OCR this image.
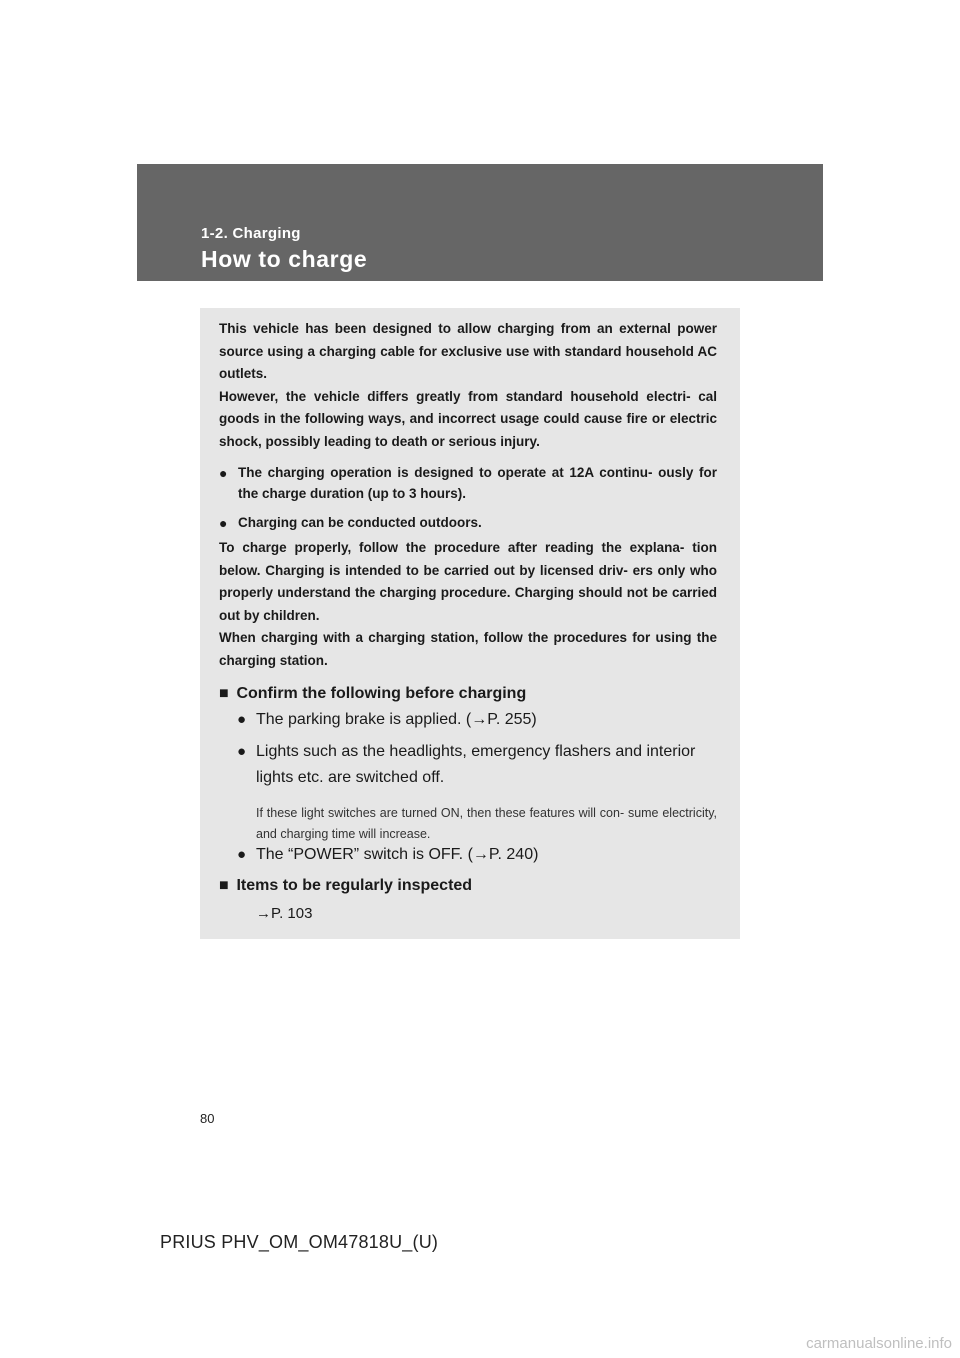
1-2. Charging
How to charge

This vehicle has been designed to allow charging from an external power source using a charging cable for exclusive use with standard household AC outlets.

However, the vehicle differs greatly from standard household electri- cal goods in the following ways, and incorrect usage could cause fire or electric shock, possibly leading to death or serious injury.

● The charging operation is designed to operate at 12A continu- ously for the charge duration (up to 3 hours).
● Charging can be conducted outdoors.

To charge properly, follow the procedure after reading the explana- tion below. Charging is intended to be carried out by licensed driv- ers only who properly understand the charging procedure. Charging should not be carried out by children.

When charging with a charging station, follow the procedures for using the charging station.

■ Confirm the following before charging
● The parking brake is applied. (→P. 255)
● Lights such as the headlights, emergency flashers and interior lights etc. are switched off.
If these light switches are turned ON, then these features will con- sume electricity, and charging time will increase.
● The “POWER” switch is OFF. (→P. 240)
■ Items to be regularly inspected
→P. 103
80
PRIUS PHV_OM_OM47818U_(U)
carmanualsonline.info
